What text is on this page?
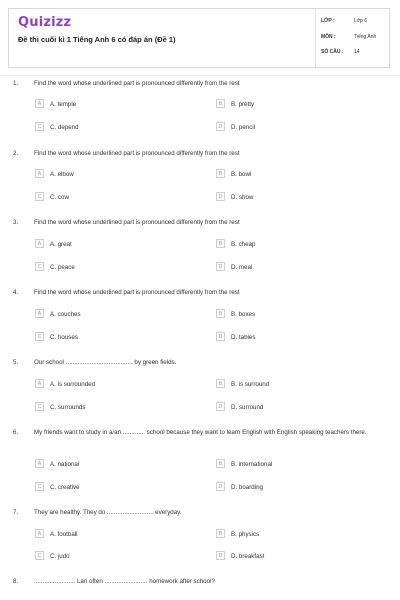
Quizizz
Đề thi cuối kì 1 Tiếng Anh 6 có đáp án (Đề 1)
LỚP :	Lớp 6
MÔN :	Tiếng Anh
SỐ CÂU : 14
1.	Find the word whose underlined part is pronounced differently from the rest
A	A. temple	B	B. pretty
C	C. depend	D	D. pencil
2.	Find the word whose underlined part is pronounced differently from the rest
A	A. elbow	B	B. bowl
C	C. cow	D	D. show
3.	Find the word whose underlined part is pronounced differently from the rest
A	A. great	B	B. cheap
C	C. peace	D	D. meal
4.	Find the word whose underlined part is pronounced differently from the rest
A	A. couches	B	B. boxes
C	C. houses	D	D. tables
5.	Our school ....................................... by green fields.
A	A. is surrounded	B	B. is surround
C	C. surrounds	D	D. surround
6.	My friends want to study in a/an ............. school because they want to learn English with English speaking teachers there.
A	A. national	B	B. international
C	C. creative	D	D. boarding
7.	They are healthy. They do ........................... everyday.
A	A. football	B	B. physics
C	C. judo	D	D. breakfast
8.	........................ Lan often ......................... homework after school?
